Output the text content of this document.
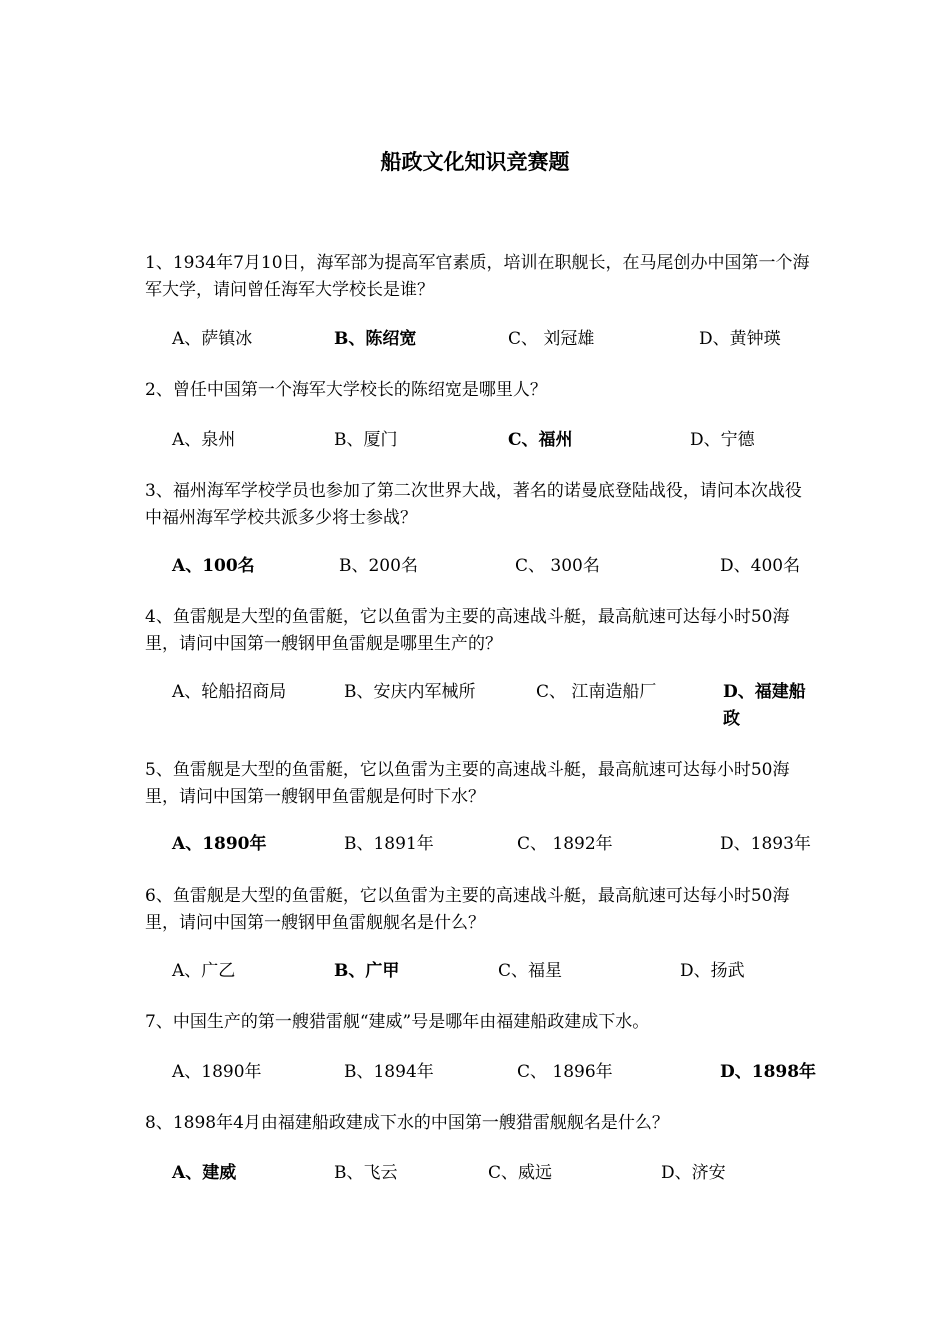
船政文化知识竞赛题
1、1934年7月10日，海军部为提高军官素质，培训在职舰长，在马尾创办中国第一个海军大学，请问曾任海军大学校长是谁？
A、萨镇冰	B、陈绍宽	C、 刘冠雄	D、黄钟瑛
2、曾任中国第一个海军大学校长的陈绍宽是哪里人？
A、泉州	B、厦门	C、福州	D、宁德
3、福州海军学校学员也参加了第二次世界大战，著名的诺曼底登陆战役，请问本次战役中福州海军学校共派多少将士参战？
A、100名	B、200名	C、 300名	D、400名
4、鱼雷舰是大型的鱼雷艇，它以鱼雷为主要的高速战斗艇，最高航速可达每小时50海里，请问中国第一艘钢甲鱼雷舰是哪里生产的？
A、轮船招商局	B、安庆内军械所	C、 江南造船厂	D、福建船政
5、鱼雷舰是大型的鱼雷艇，它以鱼雷为主要的高速战斗艇，最高航速可达每小时50海里，请问中国第一艘钢甲鱼雷舰是何时下水？
A、1890年	B、1891年	C、 1892年	D、1893年
6、鱼雷舰是大型的鱼雷艇，它以鱼雷为主要的高速战斗艇，最高航速可达每小时50海里，请问中国第一艘钢甲鱼雷舰舰名是什么？
A、广乙	B、广甲	C、福星	D、扬武
7、中国生产的第一艘猎雷舰“建威”号是哪年由福建船政建成下水。
A、1890年	B、1894年	C、 1896年	D、1898年
8、1898年4月由福建船政建成下水的中国第一艘猎雷舰舰名是什么？
A、建威	B、飞云	C、威远	D、济安
